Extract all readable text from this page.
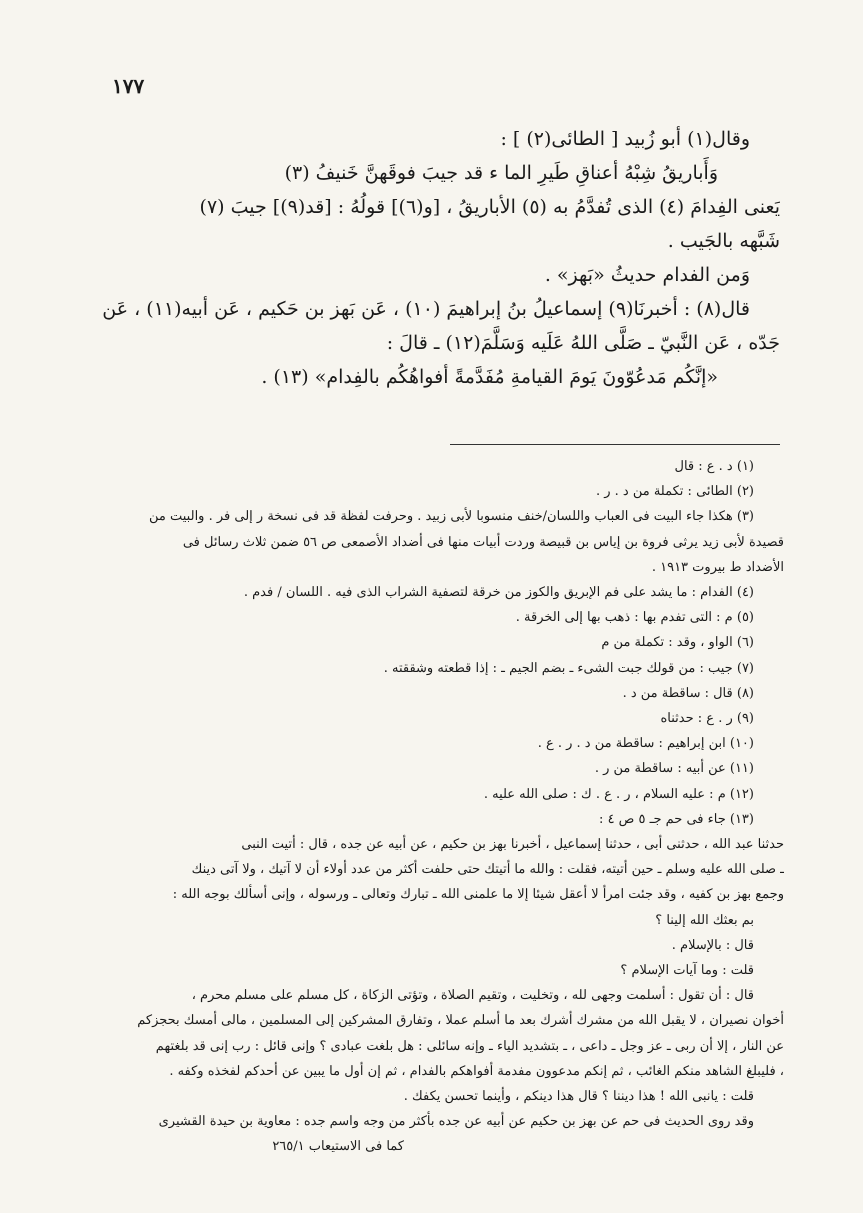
١٧٧

وقال(١) أبو زُبيد [ الطائى(٢) ] :

وَأَباريقُ شِبْهُ أعناقِ طَيرِ الما ء قد جيبَ فوقَهنَّ خَنيفُ (٣)

يَعنى الفِدامَ (٤) الذى تُفدَّمُ به (٥) الأباريقُ ، [و(٦)] قولُهُ : [قد(٩)] جيبَ (٧)

شَبَّهه بالجَيب .

وَمن الفدام حديثُ «بَهز» .

قال(٨) : أخبرنَا(٩) إسماعيلُ بنُ إبراهيمَ (١٠) ، عَن بَهز بن حَكيم ، عَن أبيه(١١) ، عَن

جَدّه ، عَن النَّبيّ ـ صَلَّى اللهُ عَلَيه وَسَلَّمَ(١٢) ـ قالَ :

«إنَّكُم مَدعُوّونَ يَومَ القيامةِ مُفَدَّمةً أفواهُكُم بالفِدام» (١٣) .

(١) د . ع : قال

(٢) الطائى : تكملة من د . ر .

(٣) هكذا جاء البيت فى العباب واللسان/خنف منسوبا لأبى زبيد . وحرفت لفظة قد فى نسخة ر إلى فر . والبيت من

قصيدة لأبى زيد يرثى فروة بن إياس بن قبيصة وردت أبيات منها فى أضداد الأصمعى ص ٥٦ ضمن ثلاث رسائل فى

الأضداد ط بيروت ١٩١٣ .

(٤) الفدام : ما يشد على فم الإبريق والكوز من خرقة لتصفية الشراب الذى فيه . اللسان / فدم .

(٥) م : التى تفدم بها : ذهب بها إلى الخرقة .

(٦) الواو ، وقد : تكملة من م

(٧) جيب : من قولك جبت الشىء ـ بضم الجيم ـ : إذا قطعته وشققته .

(٨) قال : ساقطة من د .

(٩) ر . ع : حدثناه

(١٠) ابن إبراهيم : ساقطة من د . ر . ع .

(١١) عن أبيه : ساقطة من ر .

(١٢) م : عليه السلام ، ر . ع . ك : صلى الله عليه .

(١٣) جاء فى حم جـ ٥ ص ٤ :

حدثنا عبد الله ، حدثنى أبى ، حدثنا إسماعيل ، أخبرنا بهز بن حكيم ، عن أبيه عن جده ، قال : أتيت النبى

ـ صلى الله عليه وسلم ـ حين أتيته، فقلت : والله ما أتيتك حتى حلفت أكثر من عدد أولاء أن لا آتيك ، ولا آتى دينك

وجمع بهز بن كفيه ، وقد جئت امرأ لا أعقل شيئا إلا ما علمنى الله ـ تبارك وتعالى ـ ورسوله ، وإنى أسألك بوجه الله :

بم بعثك الله إلينا ؟

قال : بالإسلام .

قلت : وما آيات الإسلام ؟

قال : أن تقول : أسلمت وجهى لله ، وتخليت ، وتقيم الصلاة ، وتؤتى الزكاة ، كل مسلم على مسلم محرم ،

أخوان نصيران ، لا يقبل الله من مشرك أشرك بعد ما أسلم عملا ، وتفارق المشركين إلى المسلمين ، مالى أمسك بحجزكم

عن النار ، إلا أن ربى ـ عز وجل ـ داعى ، ـ بتشديد الياء ـ وإنه سائلى : هل بلغت عبادى ؟ وإنى قائل : رب إنى قد بلغتهم

، فليبلغ الشاهد منكم الغائب ، ثم إنكم مدعوون مفدمة أفواهكم بالفدام ، ثم إن أول ما يبين عن أحدكم لفخذه وكفه .

قلت : يانبى الله ! هذا ديننا ؟ قال هذا دينكم ، وأينما تحسن يكفك .

وقد روى الحديث فى حم عن بهز بن حكيم عن أبيه عن جده بأكثر من وجه واسم جده : معاوية بن حيدة القشيرى

كما فى الاستيعاب ٢٦٥/١
